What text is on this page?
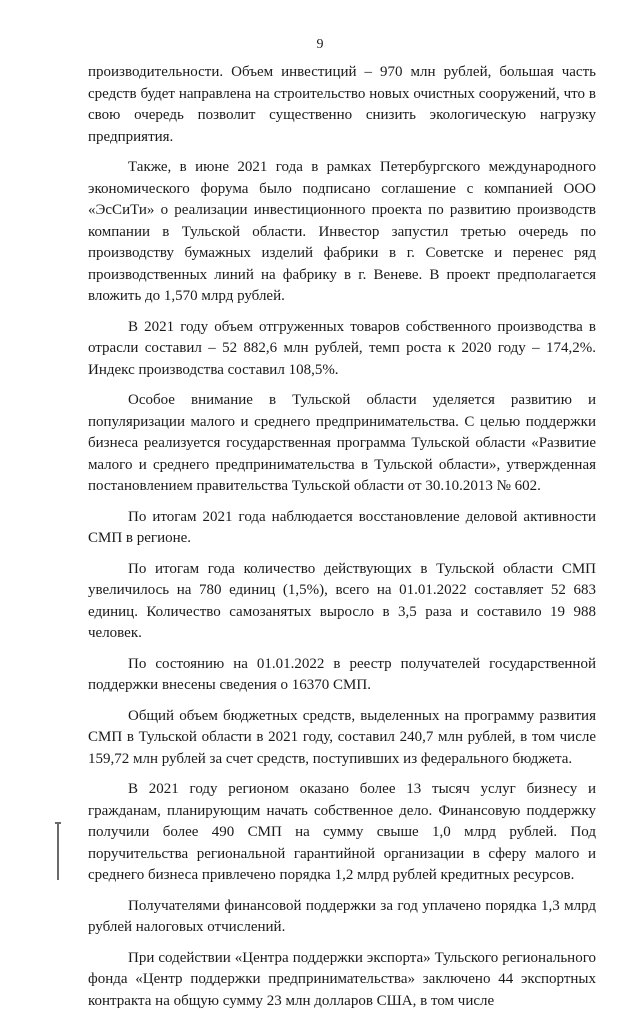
9

производительности. Объем инвестиций – 970 млн рублей, большая часть средств будет направлена на строительство новых очистных сооружений, что в свою очередь позволит существенно снизить экологическую нагрузку предприятия.

Также, в июне 2021 года в рамках Петербургского международного экономического форума было подписано соглашение с компанией ООО «ЭсСиТи» о реализации инвестиционного проекта по развитию производств компании в Тульской области. Инвестор запустил третью очередь по производству бумажных изделий фабрики в г. Советске и перенес ряд производственных линий на фабрику в г. Веневе. В проект предполагается вложить до 1,570 млрд рублей.

В 2021 году объем отгруженных товаров собственного производства в отрасли составил – 52 882,6 млн рублей, темп роста к 2020 году – 174,2%. Индекс производства составил 108,5%.

Особое внимание в Тульской области уделяется развитию и популяризации малого и среднего предпринимательства. С целью поддержки бизнеса реализуется государственная программа Тульской области «Развитие малого и среднего предпринимательства в Тульской области», утвержденная постановлением правительства Тульской области от 30.10.2013 № 602.

По итогам 2021 года наблюдается восстановление деловой активности СМП в регионе.

По итогам года количество действующих в Тульской области СМП увеличилось на 780 единиц (1,5%), всего на 01.01.2022 составляет 52 683 единиц. Количество самозанятых выросло в 3,5 раза и составило 19 988 человек.

По состоянию на 01.01.2022 в реестр получателей государственной поддержки внесены сведения о 16370 СМП.

Общий объем бюджетных средств, выделенных на программу развития СМП в Тульской области в 2021 году, составил 240,7 млн рублей, в том числе 159,72 млн рублей за счет средств, поступивших из федерального бюджета.

В 2021 году регионом оказано более 13 тысяч услуг бизнесу и гражданам, планирующим начать собственное дело. Финансовую поддержку получили более 490 СМП на сумму свыше 1,0 млрд рублей. Под поручительства региональной гарантийной организации в сферу малого и среднего бизнеса привлечено порядка 1,2 млрд рублей кредитных ресурсов.

Получателями финансовой поддержки за год уплачено порядка 1,3 млрд рублей налоговых отчислений.

При содействии «Центра поддержки экспорта» Тульского регионального фонда «Центр поддержки предпринимательства» заключено 44 экспортных контракта на общую сумму 23 млн долларов США, в том числе
